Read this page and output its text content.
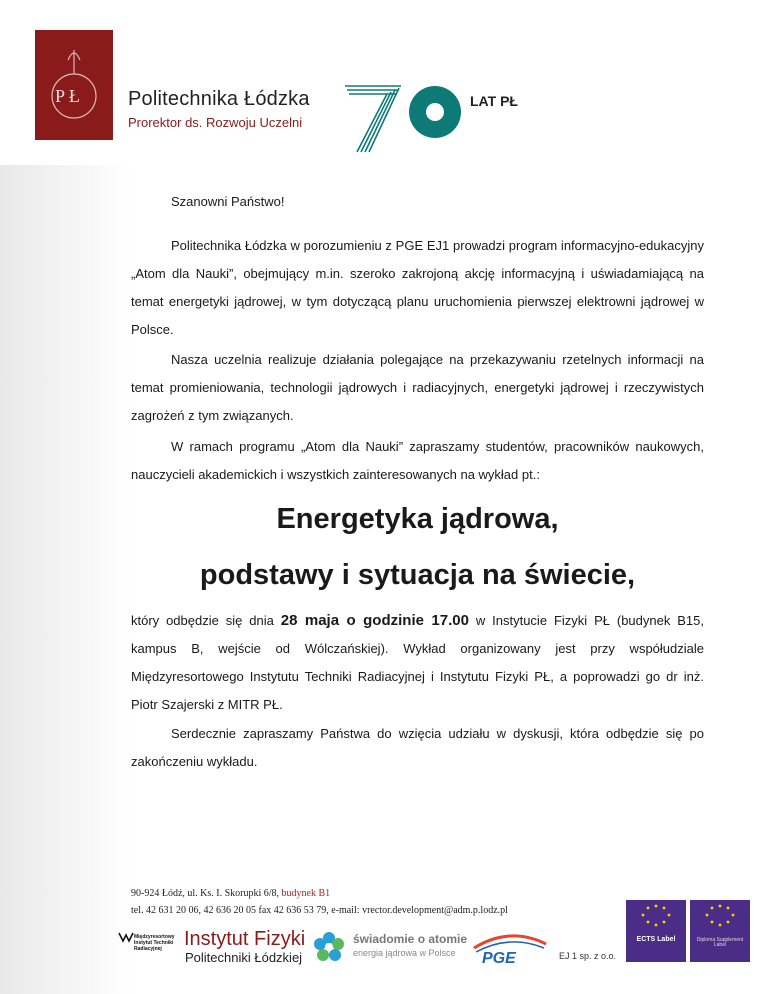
P Ł Politechnika Łódzka
Prorektor ds. Rozwoju Uczelni
LAT PŁ
Szanowni Państwo!
Politechnika Łódzka w porozumieniu z PGE EJ1 prowadzi program informacyjno-edukacyjny „Atom dla Nauki”, obejmujący m.in. szeroko zakrojoną akcję informacyjną i uświadamiającą na temat energetyki jądrowej, w tym dotyczącą planu uruchomienia pierwszej elektrowni jądrowej w Polsce.
Nasza uczelnia realizuje działania polegające na przekazywaniu rzetelnych informacji na temat promieniowania, technologii jądrowych i radiacyjnych, energetyki jądrowej i rzeczywistych zagrożeń z tym związanych.
W ramach programu „Atom dla Nauki” zapraszamy studentów, pracowników naukowych, nauczycieli akademickich i wszystkich zainteresowanych na wykład pt.:
Energetyka jądrowa,
podstawy i sytuacja na świecie,
który odbędzie się dnia 28 maja o godzinie 17.00 w Instytucie Fizyki PŁ (budynek B15, kampus B, wejście od Wólczańskiej). Wykład organizowany jest przy współudziale Międzyresortowego Instytutu Techniki Radiacyjnej i Instytutu Fizyki PŁ, a poprowadzi go dr inż. Piotr Szajerski z MITR PŁ.
Serdecznie zapraszamy Państwa do wzięcia udziału w dyskusji, która odbędzie się po zakończeniu wykładu.
90-924 Łódź, ul. Ks. I. Skorupki 6/8, budynek B1
tel. 42 631 20 06, 42 636 20 05 fax 42 636 53 79, e-mail: vrector.development@adm.p.lodz.pl
Międzyresortowy Instytut Techniki Radiacyjnej	Instytut Fizyki
Politechniki Łódzkiej
świadomie o atomie
energia jądrowa w Polsce PGE	EJ 1 sp. z o.o.
ECTS Label	Diploma Supplement Label
